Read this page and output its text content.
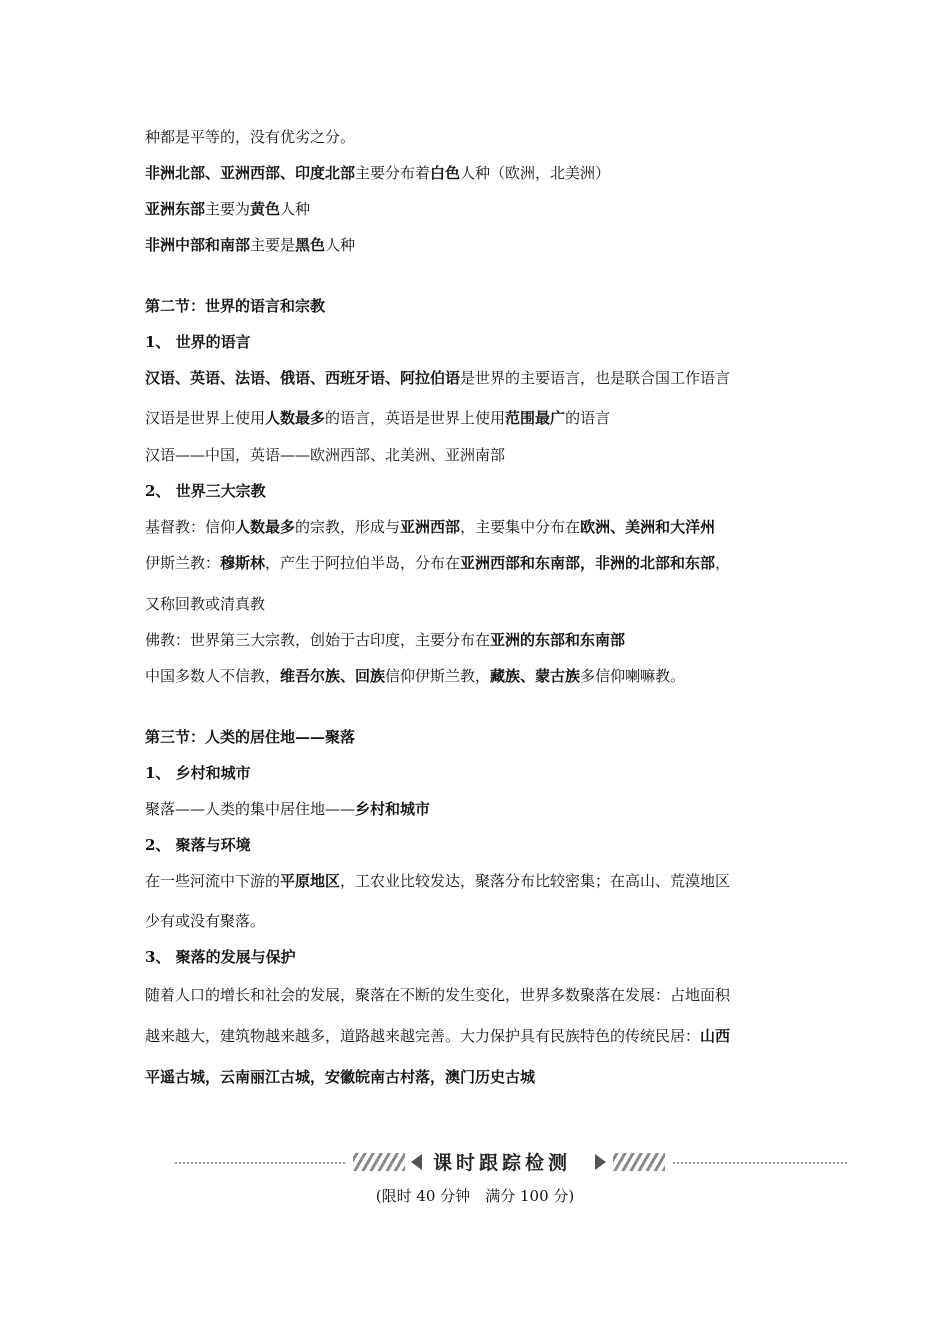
种都是平等的，没有优劣之分。
非洲北部、亚洲西部、印度北部主要分布着白色人种（欧洲，北美洲）
亚洲东部主要为黄色人种
非洲中部和南部主要是黑色人种
第二节：世界的语言和宗教
1、 世界的语言
汉语、英语、法语、俄语、西班牙语、阿拉伯语是世界的主要语言，也是联合国工作语言
汉语是世界上使用人数最多的语言，英语是世界上使用范围最广的语言
汉语——中国，英语——欧洲西部、北美洲、亚洲南部
2、 世界三大宗教
基督教：信仰人数最多的宗教，形成与亚洲西部，主要集中分布在欧洲、美洲和大洋州
伊斯兰教：穆斯林，产生于阿拉伯半岛，分布在亚洲西部和东南部，非洲的北部和东部，
又称回教或清真教
佛教：世界第三大宗教，创始于古印度，主要分布在亚洲的东部和东南部
中国多数人不信教，维吾尔族、回族信仰伊斯兰教，藏族、蒙古族多信仰喇嘛教。
第三节：人类的居住地——聚落
1、 乡村和城市
聚落——人类的集中居住地——乡村和城市
2、 聚落与环境
在一些河流中下游的平原地区，工农业比较发达，聚落分布比较密集；在高山、荒漠地区
少有或没有聚落。
3、 聚落的发展与保护
随着人口的增长和社会的发展，聚落在不断的发生变化，世界多数聚落在发展：占地面积
越来越大，建筑物越来越多，道路越来越完善。大力保护具有民族特色的传统民居：山西
平遥古城，云南丽江古城，安徽皖南古村落，澳门历史古城
课时跟踪检测
(限时 40 分钟　满分 100 分)
